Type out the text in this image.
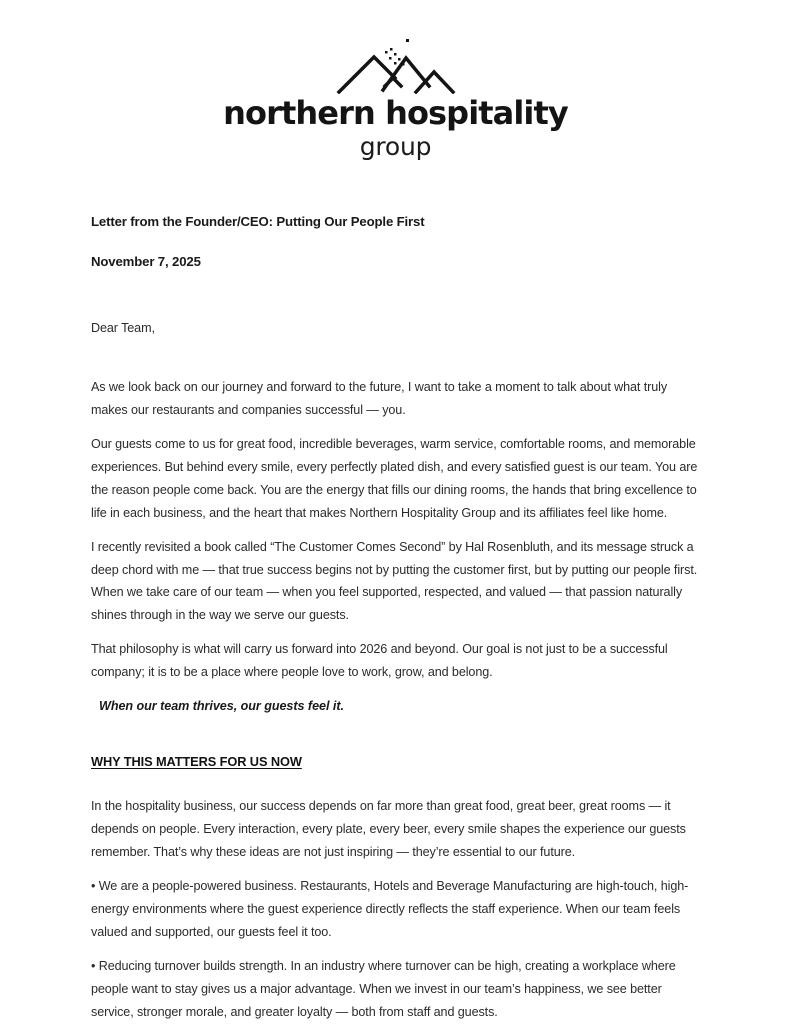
northern hospitality
group
Letter from the Founder/CEO: Putting Our People First
November 7, 2025
Dear Team,

As we look back on our journey and forward to the future, I want to take a moment to talk about what truly makes our restaurants and companies successful — you.

Our guests come to us for great food, incredible beverages, warm service, comfortable rooms, and memorable experiences. But behind every smile, every perfectly plated dish, and every satisfied guest is our team. You are the reason people come back. You are the energy that fills our dining rooms, the hands that bring excellence to life in each business, and the heart that makes Northern Hospitality Group and its affiliates feel like home.

I recently revisited a book called “The Customer Comes Second” by Hal Rosenbluth, and its message struck a deep chord with me — that true success begins not by putting the customer first, but by putting our people first. When we take care of our team — when you feel supported, respected, and valued — that passion naturally shines through in the way we serve our guests.

That philosophy is what will carry us forward into 2026 and beyond. Our goal is not just to be a successful company; it is to be a place where people love to work, grow, and belong.

When our team thrives, our guests feel it.

WHY THIS MATTERS FOR US NOW

In the hospitality business, our success depends on far more than great food, great beer, great rooms — it depends on people. Every interaction, every plate, every beer, every smile shapes the experience our guests remember. That’s why these ideas are not just inspiring — they’re essential to our future.

• We are a people-powered business. Restaurants, Hotels and Beverage Manufacturing are high-touch, high-energy environments where the guest experience directly reflects the staff experience. When our team feels valued and supported, our guests feel it too.

• Reducing turnover builds strength. In an industry where turnover can be high, creating a workplace where people want to stay gives us a major advantage. When we invest in our team’s happiness, we see better service, stronger morale, and greater loyalty — both from staff and guests.
